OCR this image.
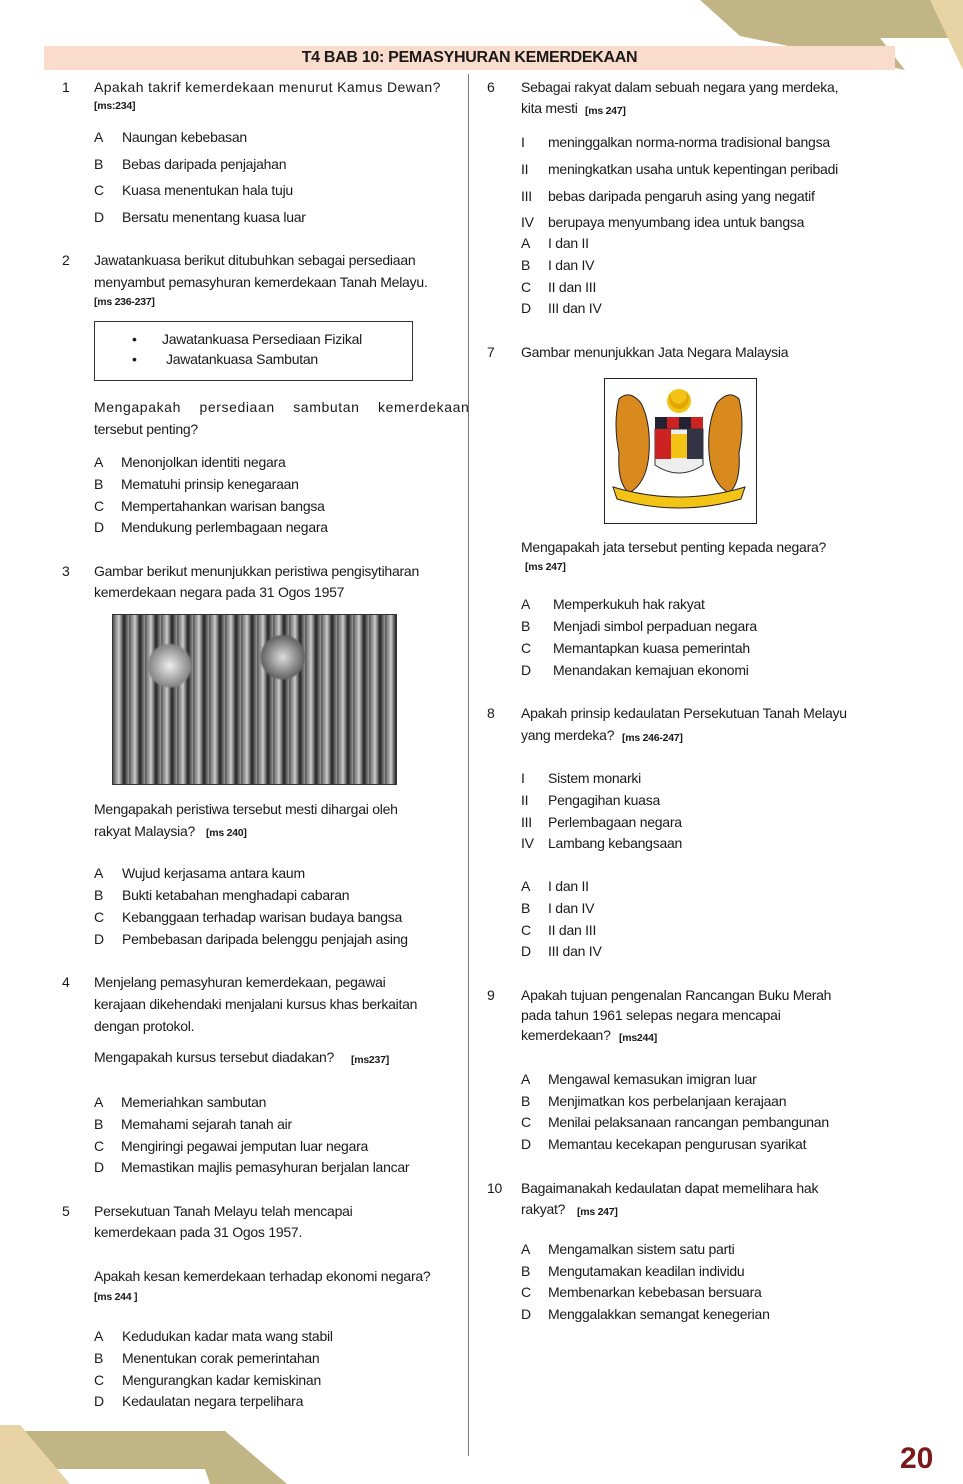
T4 BAB 10: PEMASYHURAN KEMERDEKAAN
1 Apakah takrif kemerdekaan menurut Kamus Dewan?
[ms:234]
A Naungan kebebasan
B Bebas daripada penjajahan
C Kuasa menentukan hala tuju
D Bersatu menentang kuasa luar
2 Jawatankuasa berikut ditubuhkan sebagai persediaan
menyambut pemasyhuran kemerdekaan Tanah Melayu.
[ms 236-237]
• Jawatankuasa Persediaan Fizikal
• Jawatankuasa Sambutan
Mengapakah persediaan sambutan kemerdekaan
tersebut penting?
A Menonjolkan identiti negara
B Mematuhi prinsip kenegaraan
C Mempertahankan warisan bangsa
D Mendukung perlembagaan negara
3 Gambar berikut menunjukkan peristiwa pengisytiharan
kemerdekaan negara pada 31 Ogos 1957
Mengapakah peristiwa tersebut mesti dihargai oleh
rakyat Malaysia? [ms 240]
A Wujud kerjasama antara kaum
B Bukti ketabahan menghadapi cabaran
C Kebanggaan terhadap warisan budaya bangsa
D Pembebasan daripada belenggu penjajah asing
4 Menjelang pemasyhuran kemerdekaan, pegawai
kerajaan dikehendaki menjalani kursus khas berkaitan
dengan protokol.
Mengapakah kursus tersebut diadakan? [ms237]
A Memeriahkan sambutan
B Memahami sejarah tanah air
C Mengiringi pegawai jemputan luar negara
D Memastikan majlis pemasyhuran berjalan lancar
5 Persekutuan Tanah Melayu telah mencapai
kemerdekaan pada 31 Ogos 1957.
Apakah kesan kemerdekaan terhadap ekonomi negara?
[ms 244 ]
A Kedudukan kadar mata wang stabil
B Menentukan corak pemerintahan
C Mengurangkan kadar kemiskinan
D Kedaulatan negara terpelihara
6 Sebagai rakyat dalam sebuah negara yang merdeka,
kita mesti [ms 247]
I meninggalkan norma-norma tradisional bangsa
II meningkatkan usaha untuk kepentingan peribadi
III bebas daripada pengaruh asing yang negatif
IV berupaya menyumbang idea untuk bangsa
A I dan II
B I dan IV
C II dan III
D III dan IV
7 Gambar menunjukkan Jata Negara Malaysia
Mengapakah jata tersebut penting kepada negara?
[ms 247]
A Memperkukuh hak rakyat
B Menjadi simbol perpaduan negara
C Memantapkan kuasa pemerintah
D Menandakan kemajuan ekonomi
8 Apakah prinsip kedaulatan Persekutuan Tanah Melayu
yang merdeka? [ms 246-247]
I Sistem monarki
II Pengagihan kuasa
III Perlembagaan negara
IV Lambang kebangsaan
A I dan II
B I dan IV
C II dan III
D III dan IV
9 Apakah tujuan pengenalan Rancangan Buku Merah
pada tahun 1961 selepas negara mencapai
kemerdekaan? [ms244]
A Mengawal kemasukan imigran luar
B Menjimatkan kos perbelanjaan kerajaan
C Menilai pelaksanaan rancangan pembangunan
D Memantau kecekapan pengurusan syarikat
10 Bagaimanakah kedaulatan dapat memelihara hak
rakyat? [ms 247]
A Mengamalkan sistem satu parti
B Mengutamakan keadilan individu
C Membenarkan kebebasan bersuara
D Menggalakkan semangat kenegerian
20
